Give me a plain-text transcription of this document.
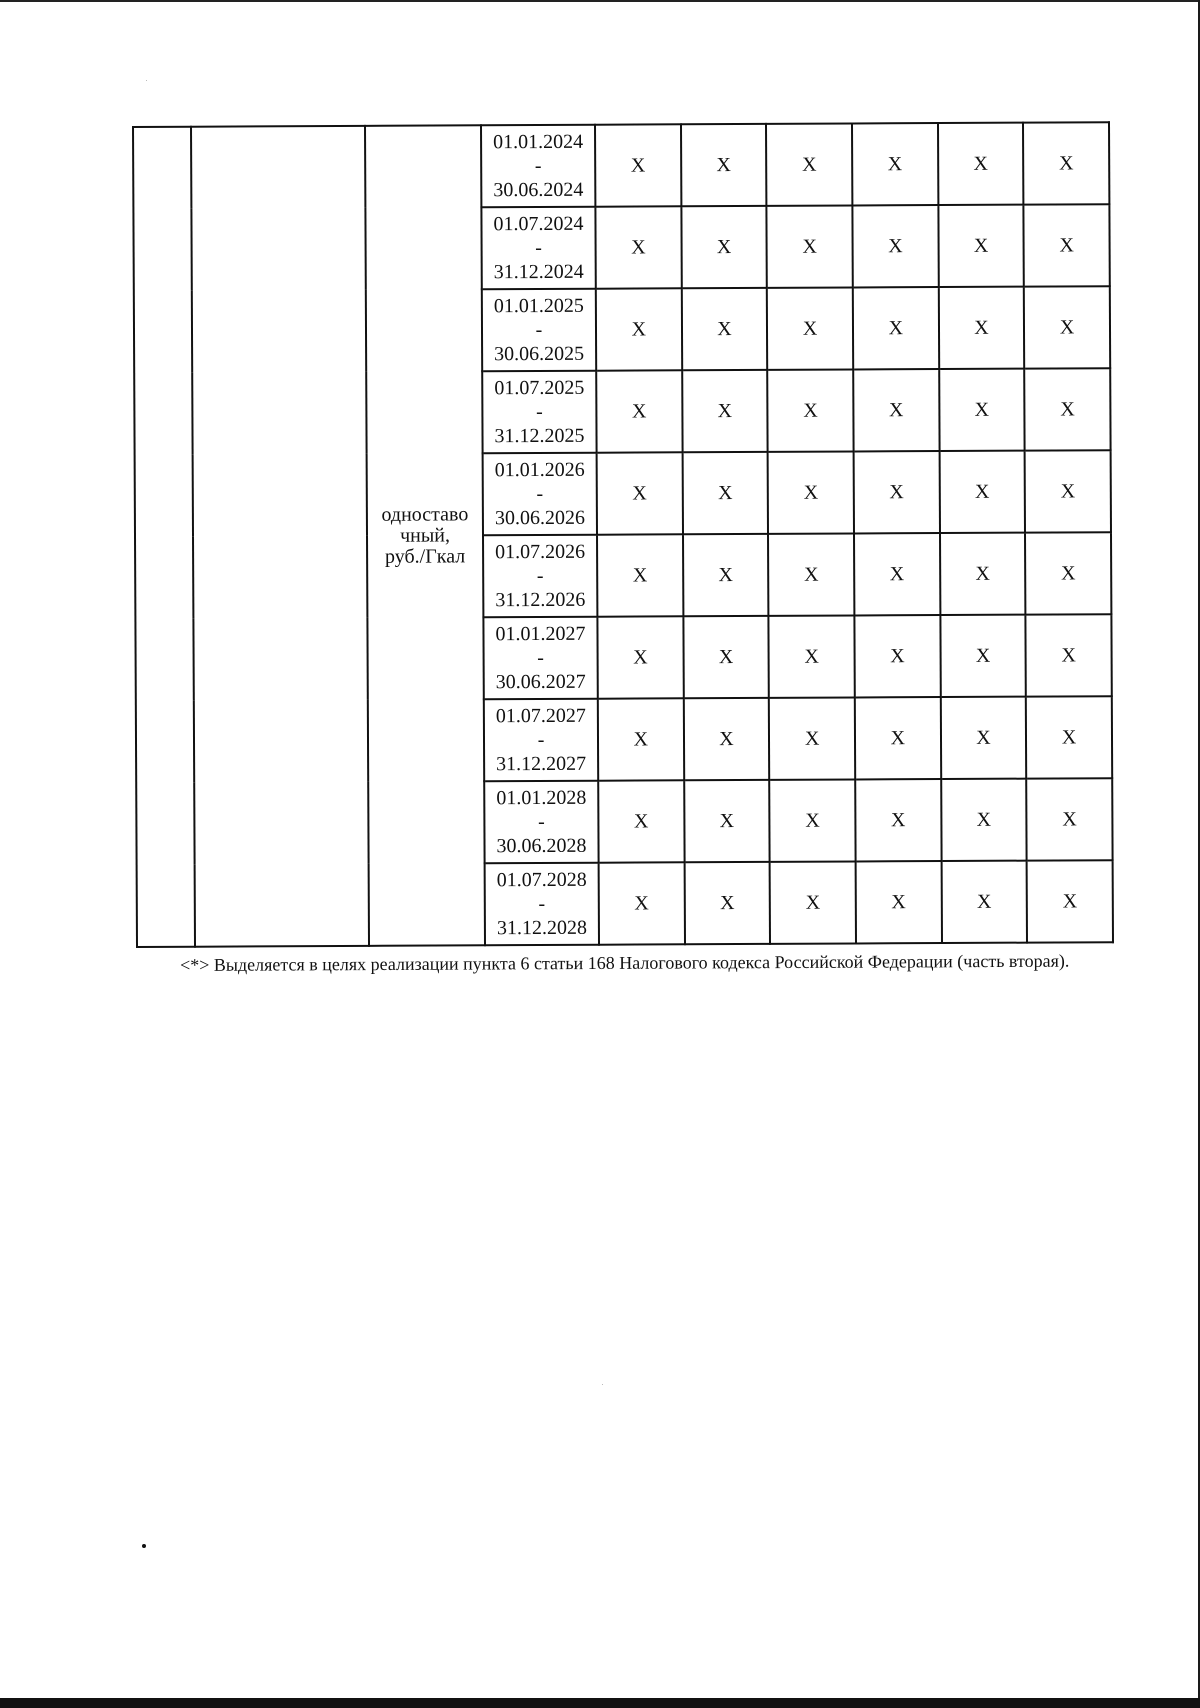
		одноставо
чный,
руб./Гкал	01.01.2024
-
30.06.2024	X	X	X	X	X	X

			01.07.2024
-
31.12.2024	X	X	X	X	X	X

			01.01.2025
-
30.06.2025	X	X	X	X	X	X

			01.07.2025
-
31.12.2025	X	X	X	X	X	X

			01.01.2026
-
30.06.2026	X	X	X	X	X	X

			01.07.2026
-
31.12.2026	X	X	X	X	X	X

			01.01.2027
-
30.06.2027	X	X	X	X	X	X

			01.07.2027
-
31.12.2027	X	X	X	X	X	X

			01.01.2028
-
30.06.2028	X	X	X	X	X	X

			01.07.2028
-
31.12.2028	X	X	X	X	X	X
<*> Выделяется в целях реализации пункта 6 статьи 168 Налогового кодекса Российской Федерации (часть вторая).
